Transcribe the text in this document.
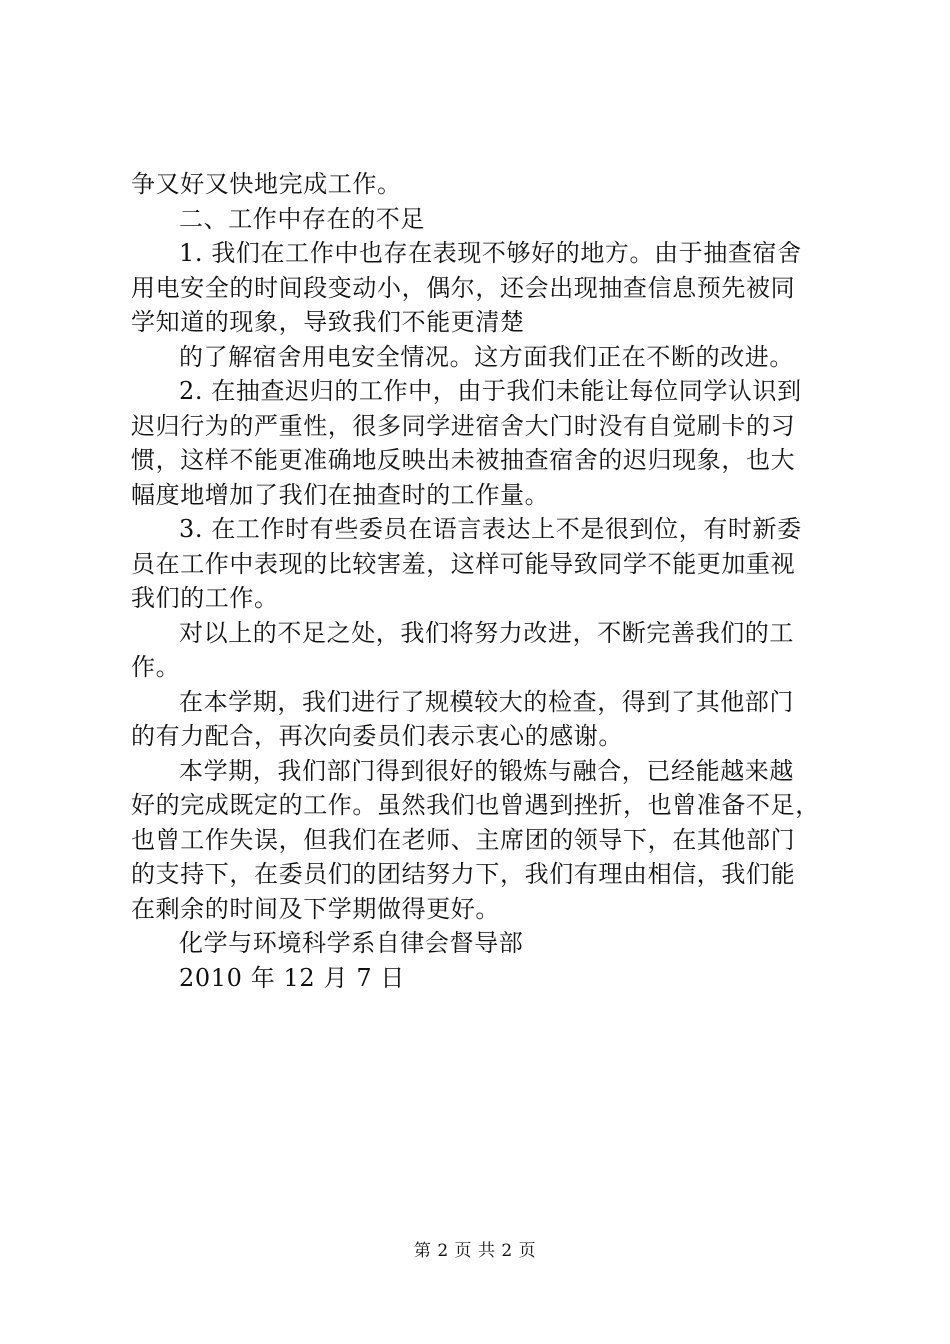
争又好又快地完成工作。
二、工作中存在的不足
1. 我们在工作中也存在表现不够好的地方。由于抽查宿舍
用电安全的时间段变动小，偶尔，还会出现抽查信息预先被同
学知道的现象，导致我们不能更清楚
的了解宿舍用电安全情况。这方面我们正在不断的改进。
2. 在抽查迟归的工作中，由于我们未能让每位同学认识到
迟归行为的严重性，很多同学进宿舍大门时没有自觉刷卡的习
惯，这样不能更准确地反映出未被抽查宿舍的迟归现象，也大
幅度地增加了我们在抽查时的工作量。
3. 在工作时有些委员在语言表达上不是很到位，有时新委
员在工作中表现的比较害羞，这样可能导致同学不能更加重视
我们的工作。
对以上的不足之处，我们将努力改进，不断完善我们的工
作。
在本学期，我们进行了规模较大的检查，得到了其他部门
的有力配合，再次向委员们表示衷心的感谢。
本学期，我们部门得到很好的锻炼与融合，已经能越来越
好的完成既定的工作。虽然我们也曾遇到挫折，也曾准备不足，
也曾工作失误，但我们在老师、主席团的领导下，在其他部门
的支持下，在委员们的团结努力下，我们有理由相信，我们能
在剩余的时间及下学期做得更好。
化学与环境科学系自律会督导部
2010 年 12 月 7 日
第 2 页 共 2 页
